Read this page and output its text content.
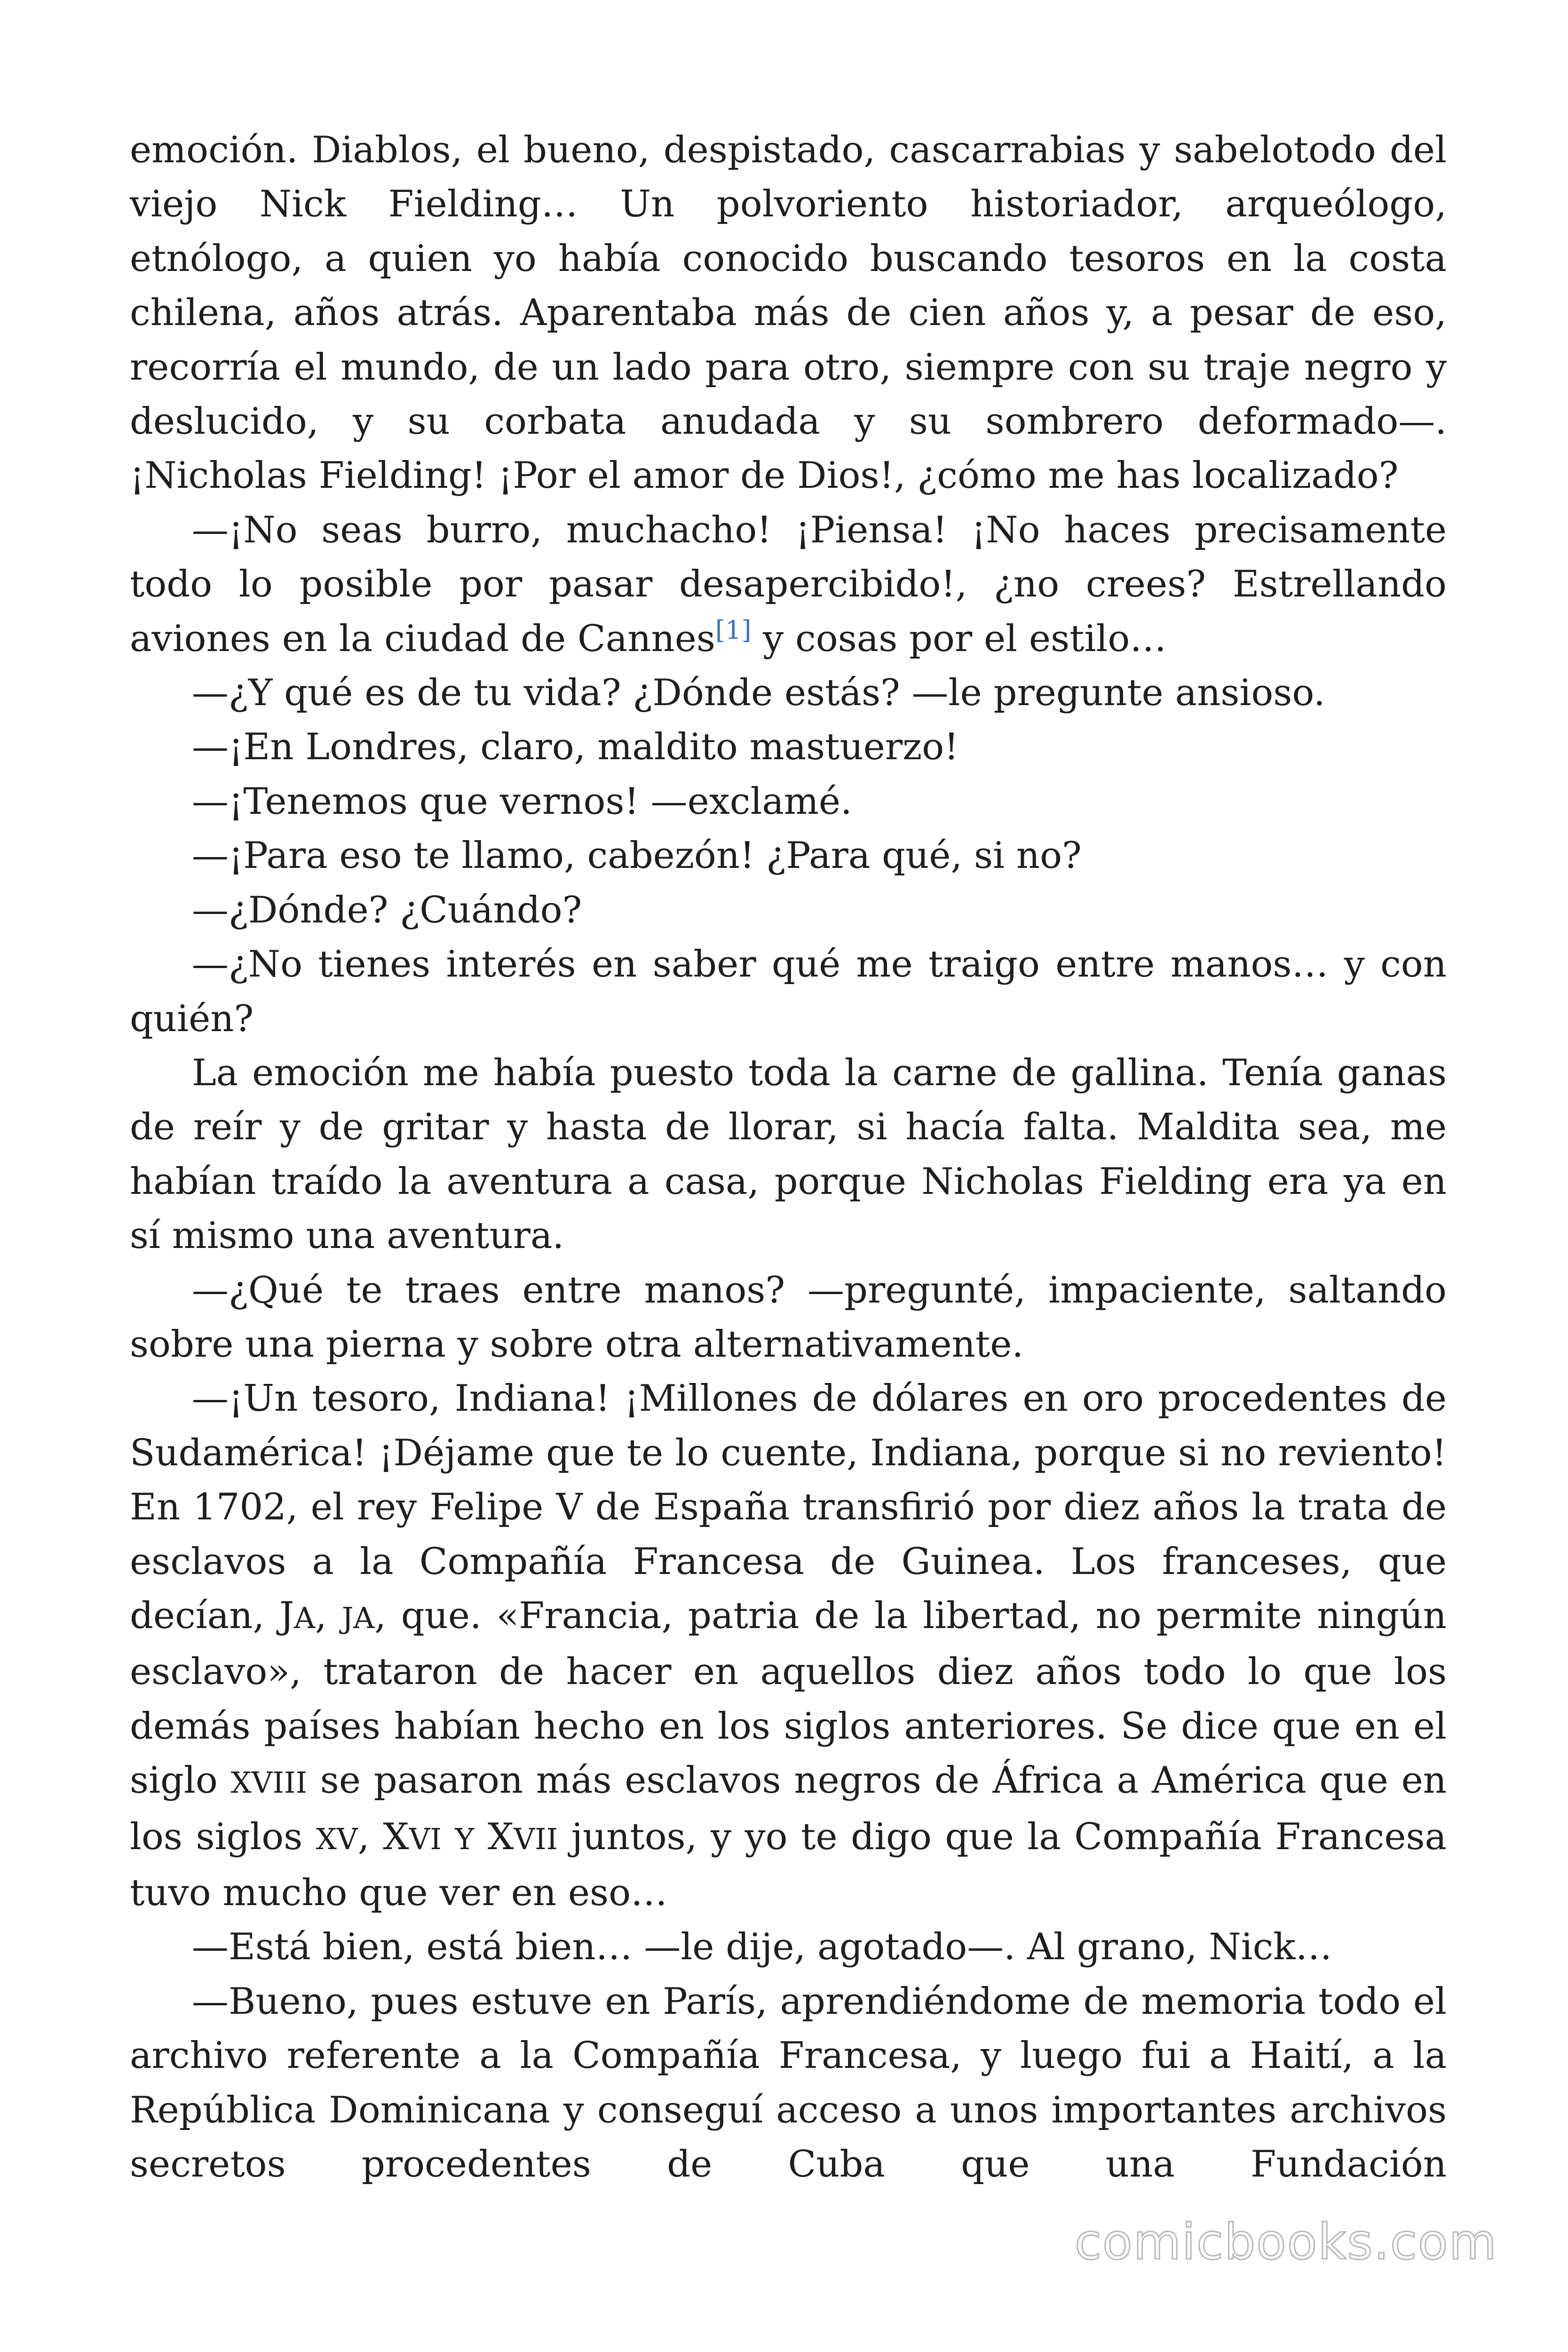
emoción. Diablos, el bueno, despistado, cascarrabias y sabelotodo del viejo Nick Fielding… Un polvoriento historiador, arqueólogo, etnólogo, a quien yo había conocido buscando tesoros en la costa chilena, años atrás. Aparentaba más de cien años y, a pesar de eso, recorría el mundo, de un lado para otro, siempre con su traje negro y deslucido, y su corbata anudada y su sombrero deformado—. ¡Nicholas Fielding! ¡Por el amor de Dios!, ¿cómo me has localizado?

—¡No seas burro, muchacho! ¡Piensa! ¡No haces precisamente todo lo posible por pasar desapercibido!, ¿no crees? Estrellando aviones en la ciudad de Cannes[1] y cosas por el estilo…

—¿Y qué es de tu vida? ¿Dónde estás? —le pregunte ansioso.

—¡En Londres, claro, maldito mastuerzo!

—¡Tenemos que vernos! —exclamé.

—¡Para eso te llamo, cabezón! ¿Para qué, si no?

—¿Dónde? ¿Cuándo?

—¿No tienes interés en saber qué me traigo entre manos… y con quién?

La emoción me había puesto toda la carne de gallina. Tenía ganas de reír y de gritar y hasta de llorar, si hacía falta. Maldita sea, me habían traído la aventura a casa, porque Nicholas Fielding era ya en sí mismo una aventura.

—¿Qué te traes entre manos? —pregunté, impaciente, saltando sobre una pierna y sobre otra alternativamente.

—¡Un tesoro, Indiana! ¡Millones de dólares en oro procedentes de Sudamérica! ¡Déjame que te lo cuente, Indiana, porque si no reviento! En 1702, el rey Felipe V de España transfirió por diez años la trata de esclavos a la Compañía Francesa de Guinea. Los franceses, que decían, JA, JA, que. «Francia, patria de la libertad, no permite ningún esclavo», trataron de hacer en aquellos diez años todo lo que los demás países habían hecho en los siglos anteriores. Se dice que en el siglo XVIII se pasaron más esclavos negros de África a América que en los siglos XV, XVI Y XVII juntos, y yo te digo que la Compañía Francesa tuvo mucho que ver en eso…

—Está bien, está bien… —le dije, agotado—. Al grano, Nick…

—Bueno, pues estuve en París, aprendiéndome de memoria todo el archivo referente a la Compañía Francesa, y luego fui a Haití, a la República Dominicana y conseguí acceso a unos importantes archivos secretos procedentes de Cuba que una Fundación

comicbooks.com
